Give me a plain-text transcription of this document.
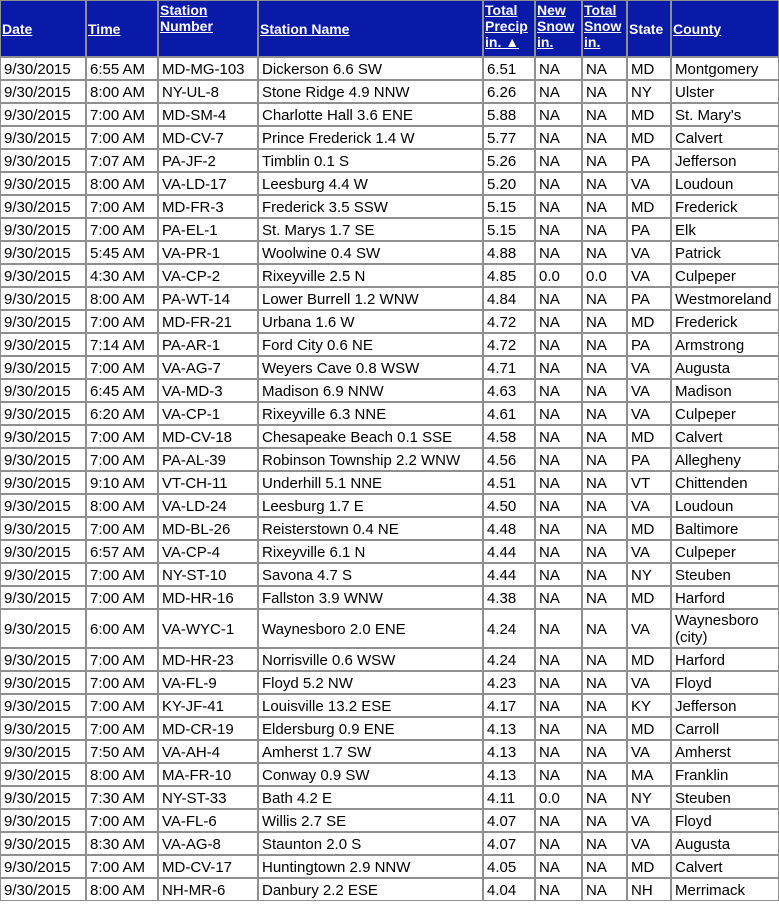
Date	Time	Station Number	Station Name	Total Precip in. ▲	New Snow in.	Total Snow in.	State	County
9/30/2015	6:55 AM	MD-MG-103	Dickerson 6.6 SW	6.51	NA	NA	MD	Montgomery
9/30/2015	8:00 AM	NY-UL-8	Stone Ridge 4.9 NNW	6.26	NA	NA	NY	Ulster
9/30/2015	7:00 AM	MD-SM-4	Charlotte Hall 3.6 ENE	5.88	NA	NA	MD	St. Mary's
9/30/2015	7:00 AM	MD-CV-7	Prince Frederick 1.4 W	5.77	NA	NA	MD	Calvert
9/30/2015	7:07 AM	PA-JF-2	Timblin 0.1 S	5.26	NA	NA	PA	Jefferson
9/30/2015	8:00 AM	VA-LD-17	Leesburg 4.4 W	5.20	NA	NA	VA	Loudoun
9/30/2015	7:00 AM	MD-FR-3	Frederick 3.5 SSW	5.15	NA	NA	MD	Frederick
9/30/2015	7:00 AM	PA-EL-1	St. Marys 1.7 SE	5.15	NA	NA	PA	Elk
9/30/2015	5:45 AM	VA-PR-1	Woolwine 0.4 SW	4.88	NA	NA	VA	Patrick
9/30/2015	4:30 AM	VA-CP-2	Rixeyville 2.5 N	4.85	0.0	0.0	VA	Culpeper
9/30/2015	8:00 AM	PA-WT-14	Lower Burrell 1.2 WNW	4.84	NA	NA	PA	Westmoreland
9/30/2015	7:00 AM	MD-FR-21	Urbana 1.6 W	4.72	NA	NA	MD	Frederick
9/30/2015	7:14 AM	PA-AR-1	Ford City 0.6 NE	4.72	NA	NA	PA	Armstrong
9/30/2015	7:00 AM	VA-AG-7	Weyers Cave 0.8 WSW	4.71	NA	NA	VA	Augusta
9/30/2015	6:45 AM	VA-MD-3	Madison 6.9 NNW	4.63	NA	NA	VA	Madison
9/30/2015	6:20 AM	VA-CP-1	Rixeyville 6.3 NNE	4.61	NA	NA	VA	Culpeper
9/30/2015	7:00 AM	MD-CV-18	Chesapeake Beach 0.1 SSE	4.58	NA	NA	MD	Calvert
9/30/2015	7:00 AM	PA-AL-39	Robinson Township 2.2 WNW	4.56	NA	NA	PA	Allegheny
9/30/2015	9:10 AM	VT-CH-11	Underhill 5.1 NNE	4.51	NA	NA	VT	Chittenden
9/30/2015	8:00 AM	VA-LD-24	Leesburg 1.7 E	4.50	NA	NA	VA	Loudoun
9/30/2015	7:00 AM	MD-BL-26	Reisterstown 0.4 NE	4.48	NA	NA	MD	Baltimore
9/30/2015	6:57 AM	VA-CP-4	Rixeyville 6.1 N	4.44	NA	NA	VA	Culpeper
9/30/2015	7:00 AM	NY-ST-10	Savona 4.7 S	4.44	NA	NA	NY	Steuben
9/30/2015	7:00 AM	MD-HR-16	Fallston 3.9 WNW	4.38	NA	NA	MD	Harford
9/30/2015	6:00 AM	VA-WYC-1	Waynesboro 2.0 ENE	4.24	NA	NA	VA	Waynesboro (city)
9/30/2015	7:00 AM	MD-HR-23	Norrisville 0.6 WSW	4.24	NA	NA	MD	Harford
9/30/2015	7:00 AM	VA-FL-9	Floyd 5.2 NW	4.23	NA	NA	VA	Floyd
9/30/2015	7:00 AM	KY-JF-41	Louisville 13.2 ESE	4.17	NA	NA	KY	Jefferson
9/30/2015	7:00 AM	MD-CR-19	Eldersburg 0.9 ENE	4.13	NA	NA	MD	Carroll
9/30/2015	7:50 AM	VA-AH-4	Amherst 1.7 SW	4.13	NA	NA	VA	Amherst
9/30/2015	8:00 AM	MA-FR-10	Conway 0.9 SW	4.13	NA	NA	MA	Franklin
9/30/2015	7:30 AM	NY-ST-33	Bath 4.2 E	4.11	0.0	NA	NY	Steuben
9/30/2015	7:00 AM	VA-FL-6	Willis 2.7 SE	4.07	NA	NA	VA	Floyd
9/30/2015	8:30 AM	VA-AG-8	Staunton 2.0 S	4.07	NA	NA	VA	Augusta
9/30/2015	7:00 AM	MD-CV-17	Huntingtown 2.9 NNW	4.05	NA	NA	MD	Calvert
9/30/2015	8:00 AM	NH-MR-6	Danbury 2.2 ESE	4.04	NA	NA	NH	Merrimack
